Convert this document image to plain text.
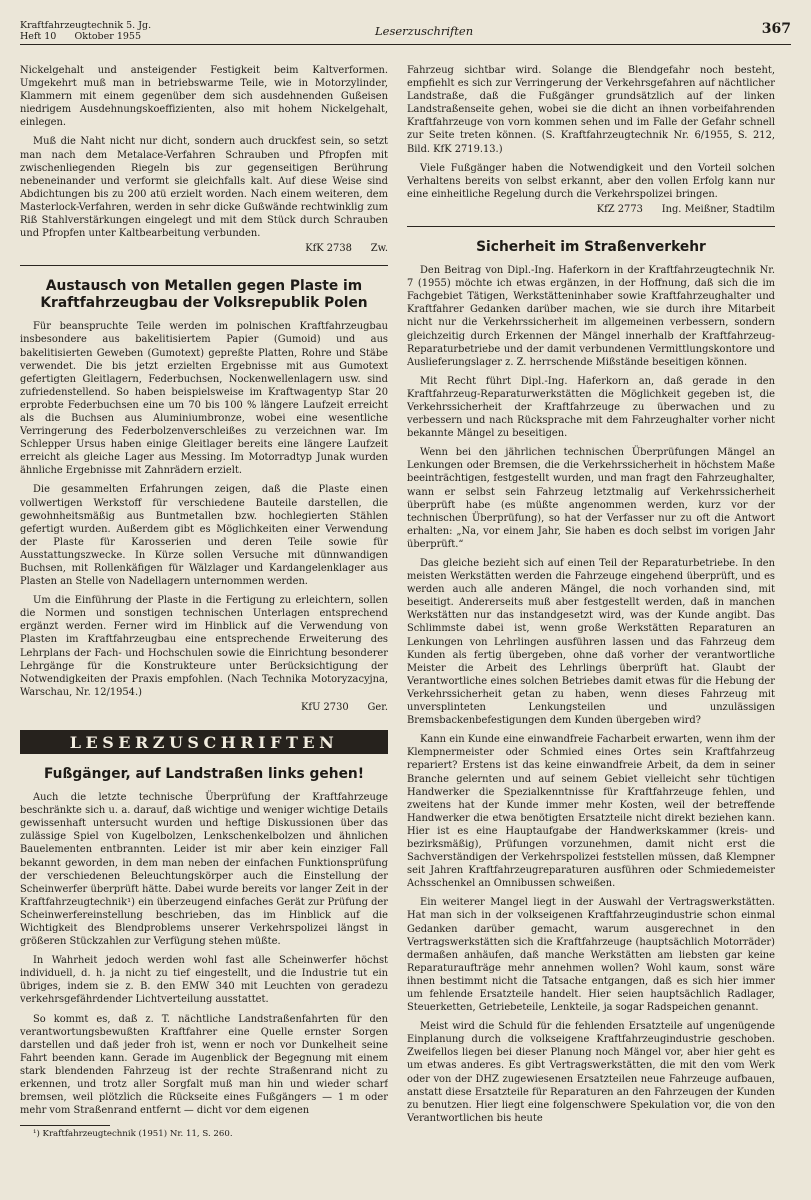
Kraftfahrzeugtechnik 5. Jg.
Heft 10      Oktober 1955	Leserzuschriften	367

Nickelgehalt und ansteigender Festigkeit beim Kaltverformen. Umgekehrt muß man in betriebswarme Teile, wie in Motorzylinder, Klammern mit einem gegenüber dem sich ausdehnenden Gußeisen niedrigem Ausdehnungskoeffizienten, also mit hohem Nickelgehalt, einlegen.

Muß die Naht nicht nur dicht, sondern auch druckfest sein, so setzt man nach dem Metalace-Verfahren Schrauben und Pfropfen mit zwischenliegenden Riegeln bis zur gegenseitigen Berührung nebeneinander und verformt sie gleichfalls kalt. Auf diese Weise sind Abdichtungen bis zu 200 atü erzielt worden. Nach einem weiteren, dem Masterlock-Verfahren, werden in sehr dicke Gußwände rechtwinklig zum Riß Stahlverstärkungen eingelegt und mit dem Stück durch Schrauben und Pfropfen unter Kaltbearbeitung verbunden.

KfK 2738      Zw.

Austausch von Metallen gegen Plaste im Kraftfahrzeugbau der Volksrepublik Polen

Für beanspruchte Teile werden im polnischen Kraftfahrzeugbau insbesondere aus bakelitisiertem Papier (Gumoid) und aus bakelitisierten Geweben (Gumotext) gepreßte Platten, Rohre und Stäbe verwendet. Die bis jetzt erzielten Ergebnisse mit aus Gumotext gefertigten Gleitlagern, Federbuchsen, Nockenwellenlagern usw. sind zufriedenstellend. So haben beispielsweise im Kraftwagentyp Star 20 erprobte Federbuchsen eine um 70 bis 100 % längere Laufzeit erreicht als die Buchsen aus Aluminiumbronze, wobei eine wesentliche Verringerung des Federbolzenverschleißes zu verzeichnen war. Im Schlepper Ursus haben einige Gleitlager bereits eine längere Laufzeit erreicht als gleiche Lager aus Messing. Im Motorradtyp Junak wurden ähnliche Ergebnisse mit Zahnrädern erzielt.

Die gesammelten Erfahrungen zeigen, daß die Plaste einen vollwertigen Werkstoff für verschiedene Bauteile darstellen, die gewohnheitsmäßig aus Buntmetallen bzw. hochlegierten Stählen gefertigt wurden. Außerdem gibt es Möglichkeiten einer Verwendung der Plaste für Karosserien und deren Teile sowie für Ausstattungszwecke. In Kürze sollen Versuche mit dünnwandigen Buchsen, mit Rollenkäfigen für Wälzlager und Kardangelenklager aus Plasten an Stelle von Nadellagern unternommen werden.

Um die Einführung der Plaste in die Fertigung zu erleichtern, sollen die Normen und sonstigen technischen Unterlagen entsprechend ergänzt werden. Ferner wird im Hinblick auf die Verwendung von Plasten im Kraftfahrzeugbau eine entsprechende Erweiterung des Lehrplans der Fach- und Hochschulen sowie die Einrichtung besonderer Lehrgänge für die Konstrukteure unter Berücksichtigung der Notwendigkeiten der Praxis empfohlen. (Nach Technika Motoryzacyjna, Warschau, Nr. 12/1954.)

KfU 2730      Ger.

LESERZUSCHRIFTEN
Fußgänger, auf Landstraßen links gehen!

Auch die letzte technische Überprüfung der Kraftfahrzeuge beschränkte sich u. a. darauf, daß wichtige und weniger wichtige Details gewissenhaft untersucht wurden und heftige Diskussionen über das zulässige Spiel von Kugelbolzen, Lenkschenkelbolzen und ähnlichen Bauelementen entbrannten. Leider ist mir aber kein einziger Fall bekannt geworden, in dem man neben der einfachen Funktionsprüfung der verschiedenen Beleuchtungskörper auch die Einstellung der Scheinwerfer überprüft hätte. Dabei wurde bereits vor langer Zeit in der Kraftfahrzeugtechnik¹) ein überzeugend einfaches Gerät zur Prüfung der Scheinwerfereinstellung beschrieben, das im Hinblick auf die Wichtigkeit des Blendproblems unserer Verkehrspolizei längst in größeren Stückzahlen zur Verfügung stehen müßte.

In Wahrheit jedoch werden wohl fast alle Scheinwerfer höchst individuell, d. h. ja nicht zu tief eingestellt, und die Industrie tut ein übriges, indem sie z. B. den EMW 340 mit Leuchten von geradezu verkehrsgefährdender Lichtverteilung ausstattet.

So kommt es, daß z. T. nächtliche Landstraßenfahrten für den verantwortungsbewußten Kraftfahrer eine Quelle ernster Sorgen darstellen und daß jeder froh ist, wenn er noch vor Dunkelheit seine Fahrt beenden kann. Gerade im Augenblick der Begegnung mit einem stark blendenden Fahrzeug ist der rechte Straßenrand nicht zu erkennen, und trotz aller Sorgfalt muß man hin und wieder scharf bremsen, weil plötzlich die Rückseite eines Fußgängers — 1 m oder mehr vom Straßenrand entfernt — dicht vor dem eigenen

¹) Kraftfahrzeugtechnik (1951) Nr. 11, S. 260.

Fahrzeug sichtbar wird. Solange die Blendgefahr noch besteht, empfiehlt es sich zur Verringerung der Verkehrsgefahren auf nächtlicher Landstraße, daß die Fußgänger grundsätzlich auf der linken Landstraßenseite gehen, wobei sie die dicht an ihnen vorbeifahrenden Kraftfahrzeuge von vorn kommen sehen und im Falle der Gefahr schnell zur Seite treten können. (S. Kraftfahrzeugtechnik Nr. 6/1955, S. 212, Bild. KfK 2719.13.)

Viele Fußgänger haben die Notwendigkeit und den Vorteil solchen Verhaltens bereits von selbst erkannt, aber den vollen Erfolg kann nur eine einheitliche Regelung durch die Verkehrspolizei bringen.

KfZ 2773      Ing. Meißner, Stadtilm

Sicherheit im Straßenverkehr

Den Beitrag von Dipl.-Ing. Haferkorn in der Kraftfahrzeugtechnik Nr. 7 (1955) möchte ich etwas ergänzen, in der Hoffnung, daß sich die im Fachgebiet Tätigen, Werkstätteninhaber sowie Kraftfahrzeughalter und Kraftfahrer Gedanken darüber machen, wie sie durch ihre Mitarbeit nicht nur die Verkehrssicherheit im allgemeinen verbessern, sondern gleichzeitig durch Erkennen der Mängel innerhalb der Kraftfahrzeug-Reparaturbetriebe und der damit verbundenen Vermittlungskontore und Auslieferungslager z. Z. herrschende Mißstände beseitigen können.

Mit Recht führt Dipl.-Ing. Haferkorn an, daß gerade in den Kraftfahrzeug-Reparaturwerkstätten die Möglichkeit gegeben ist, die Verkehrssicherheit der Kraftfahrzeuge zu überwachen und zu verbessern und nach Rücksprache mit dem Fahrzeughalter vorher nicht bekannte Mängel zu beseitigen.

Wenn bei den jährlichen technischen Überprüfungen Mängel an Lenkungen oder Bremsen, die die Verkehrssicherheit in höchstem Maße beeinträchtigen, festgestellt wurden, und man fragt den Fahrzeughalter, wann er selbst sein Fahrzeug letztmalig auf Verkehrssicherheit überprüft habe (es müßte angenommen werden, kurz vor der technischen Überprüfung), so hat der Verfasser nur zu oft die Antwort erhalten: „Na, vor einem Jahr, Sie haben es doch selbst im vorigen Jahr überprüft.“

Das gleiche bezieht sich auf einen Teil der Reparaturbetriebe. In den meisten Werkstätten werden die Fahrzeuge eingehend überprüft, und es werden auch alle anderen Mängel, die noch vorhanden sind, mit beseitigt. Andererseits muß aber festgestellt werden, daß in manchen Werkstätten nur das instandgesetzt wird, was der Kunde angibt. Das Schlimmste dabei ist, wenn große Werkstätten Reparaturen an Lenkungen von Lehrlingen ausführen lassen und das Fahrzeug dem Kunden als fertig übergeben, ohne daß vorher der verantwortliche Meister die Arbeit des Lehrlings überprüft hat. Glaubt der Verantwortliche eines solchen Betriebes damit etwas für die Hebung der Verkehrssicherheit getan zu haben, wenn dieses Fahrzeug mit unversplinteten Lenkungsteilen und unzulässigen Bremsbackenbefestigungen dem Kunden übergeben wird?

Kann ein Kunde eine einwandfreie Facharbeit erwarten, wenn ihm der Klempnermeister oder Schmied eines Ortes sein Kraftfahrzeug repariert? Erstens ist das keine einwandfreie Arbeit, da dem in seiner Branche gelernten und auf seinem Gebiet vielleicht sehr tüchtigen Handwerker die Spezialkenntnisse für Kraftfahrzeuge fehlen, und zweitens hat der Kunde immer mehr Kosten, weil der betreffende Handwerker die etwa benötigten Ersatzteile nicht direkt beziehen kann. Hier ist es eine Hauptaufgabe der Handwerkskammer (kreis- und bezirksmäßig), Prüfungen vorzunehmen, damit nicht erst die Sachverständigen der Verkehrspolizei feststellen müssen, daß Klempner seit Jahren Kraftfahrzeugreparaturen ausführen oder Schmiedemeister Achsschenkel an Omnibussen schweißen.

Ein weiterer Mangel liegt in der Auswahl der Vertragswerkstätten. Hat man sich in der volkseigenen Kraftfahrzeugindustrie schon einmal Gedanken darüber gemacht, warum ausgerechnet in den Vertragswerkstätten sich die Kraftfahrzeuge (hauptsächlich Motorräder) dermaßen anhäufen, daß manche Werkstätten am liebsten gar keine Reparaturaufträge mehr annehmen wollen? Wohl kaum, sonst wäre ihnen bestimmt nicht die Tatsache entgangen, daß es sich hier immer um fehlende Ersatzteile handelt. Hier seien hauptsächlich Radlager, Steuerketten, Getriebeteile, Lenkteile, ja sogar Radspeichen genannt.

Meist wird die Schuld für die fehlenden Ersatzteile auf ungenügende Einplanung durch die volkseigene Kraftfahrzeugindustrie geschoben. Zweifellos liegen bei dieser Planung noch Mängel vor, aber hier geht es um etwas anderes. Es gibt Vertragswerkstätten, die mit den vom Werk oder von der DHZ zugewiesenen Ersatzteilen neue Fahrzeuge aufbauen, anstatt diese Ersatzteile für Reparaturen an den Fahrzeugen der Kunden zu benutzen. Hier liegt eine folgenschwere Spekulation vor, die von den Verantwortlichen bis heute
